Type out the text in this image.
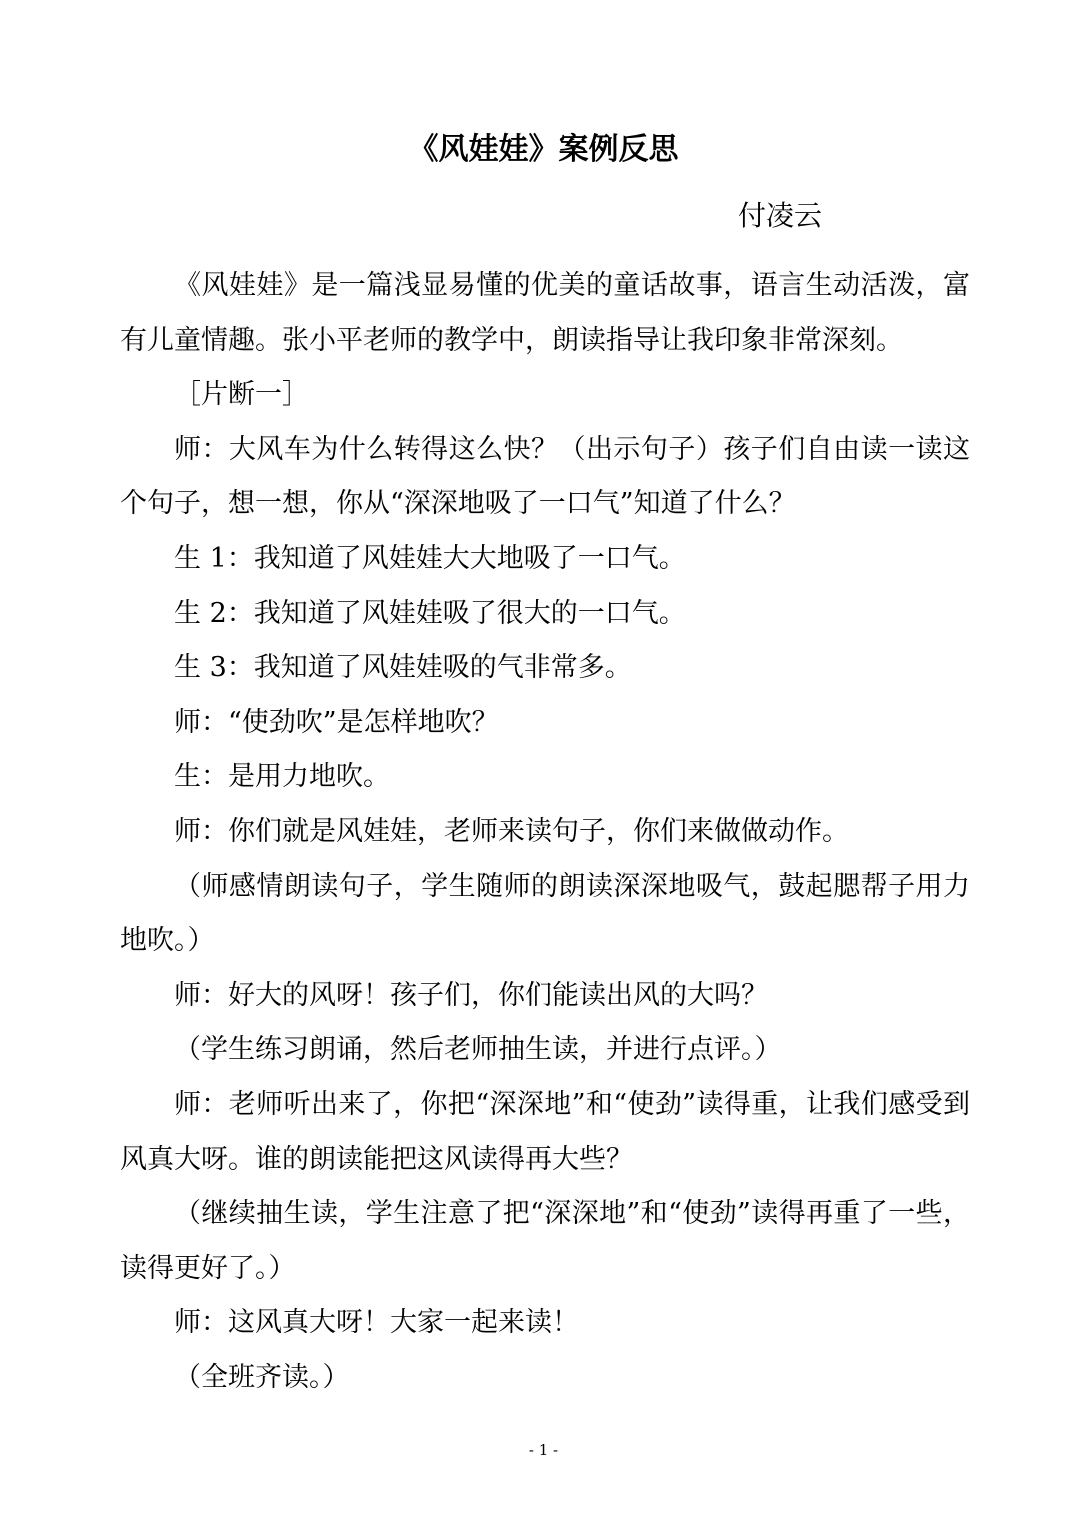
《风娃娃》案例反思
付凌云

《风娃娃》是一篇浅显易懂的优美的童话故事，语言生动活泼，富有儿童情趣。张小平老师的教学中，朗读指导让我印象非常深刻。

［片断一］

师：大风车为什么转得这么快？（出示句子）孩子们自由读一读这个句子，想一想，你从“深深地吸了一口气”知道了什么？

生 1：我知道了风娃娃大大地吸了一口气。

生 2：我知道了风娃娃吸了很大的一口气。

生 3：我知道了风娃娃吸的气非常多。

师：“使劲吹”是怎样地吹？

生：是用力地吹。

师：你们就是风娃娃，老师来读句子，你们来做做动作。

（师感情朗读句子，学生随师的朗读深深地吸气，鼓起腮帮子用力地吹。）

师：好大的风呀！孩子们，你们能读出风的大吗？

（学生练习朗诵，然后老师抽生读，并进行点评。）

师：老师听出来了，你把“深深地”和“使劲”读得重，让我们感受到风真大呀。谁的朗读能把这风读得再大些？

（继续抽生读，学生注意了把“深深地”和“使劲”读得再重了一些，读得更好了。）

师：这风真大呀！大家一起来读！

（全班齐读。）

- 1 -
